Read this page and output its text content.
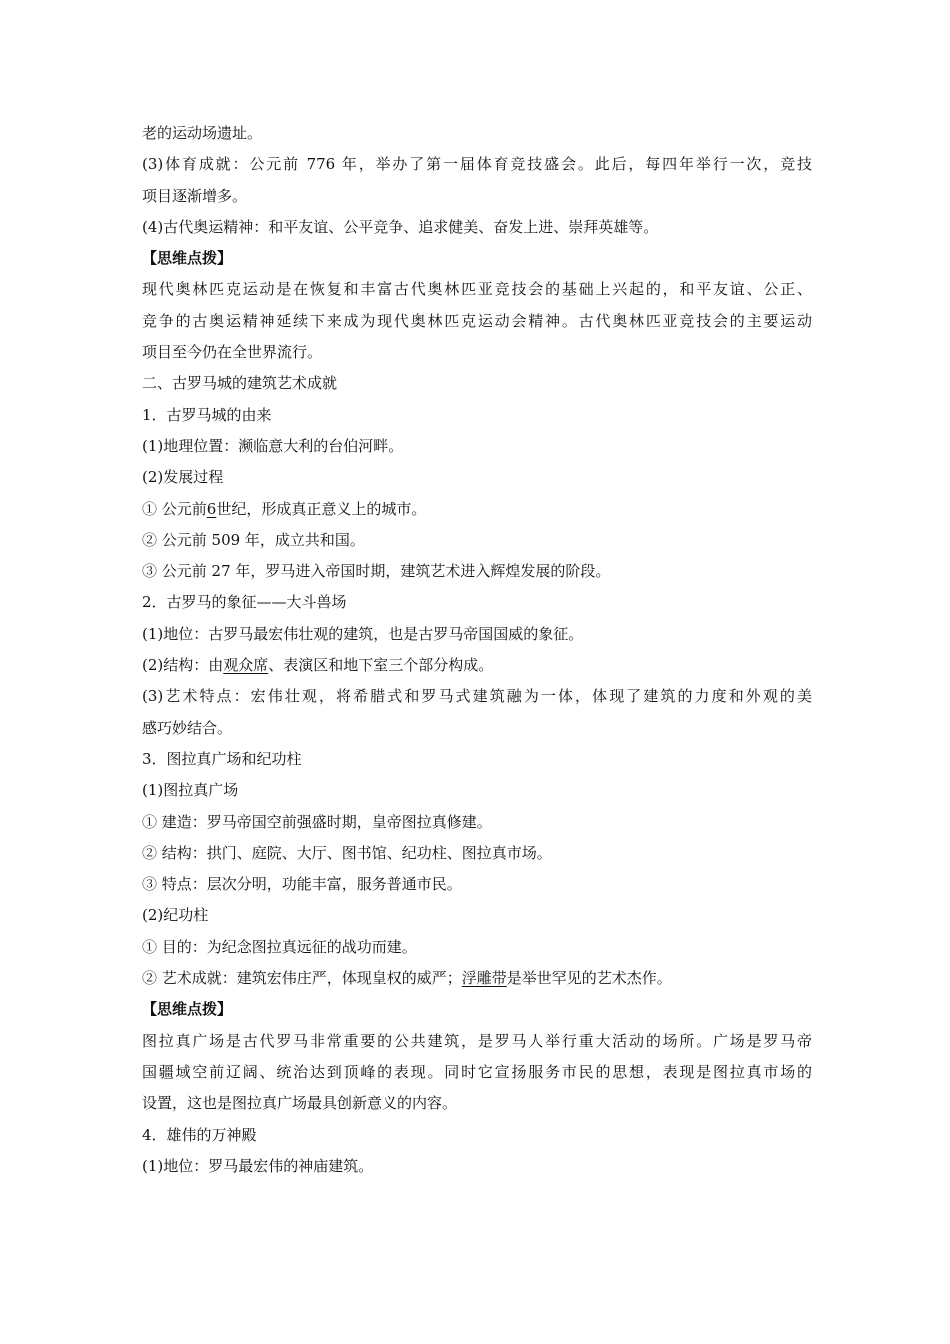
老的运动场遗址。
(3)体育成就：公元前 776 年，举办了第一届体育竞技盛会。此后，每四年举行一次，竞技
项目逐渐增多。
(4)古代奥运精神：和平友谊、公平竞争、追求健美、奋发上进、崇拜英雄等。
【思维点拨】
现代奥林匹克运动是在恢复和丰富古代奥林匹亚竞技会的基础上兴起的，和平友谊、公正、
竞争的古奥运精神延续下来成为现代奥林匹克运动会精神。古代奥林匹亚竞技会的主要运动
项目至今仍在全世界流行。
二、古罗马城的建筑艺术成就
1．古罗马城的由来
(1)地理位置：濒临意大利的台伯河畔。
(2)发展过程
① 公元前6世纪，形成真正意义上的城市。
② 公元前 509 年，成立共和国。
③ 公元前 27 年，罗马进入帝国时期，建筑艺术进入辉煌发展的阶段。
2．古罗马的象征——大斗兽场
(1)地位：古罗马最宏伟壮观的建筑，也是古罗马帝国国威的象征。
(2)结构：由观众席、表演区和地下室三个部分构成。
(3)艺术特点：宏伟壮观，将希腊式和罗马式建筑融为一体，体现了建筑的力度和外观的美
感巧妙结合。
3．图拉真广场和纪功柱
(1)图拉真广场
① 建造：罗马帝国空前强盛时期，皇帝图拉真修建。
② 结构：拱门、庭院、大厅、图书馆、纪功柱、图拉真市场。
③ 特点：层次分明，功能丰富，服务普通市民。
(2)纪功柱
① 目的：为纪念图拉真远征的战功而建。
② 艺术成就：建筑宏伟庄严，体现皇权的威严；浮雕带是举世罕见的艺术杰作。
【思维点拨】
图拉真广场是古代罗马非常重要的公共建筑，是罗马人举行重大活动的场所。广场是罗马帝
国疆域空前辽阔、统治达到顶峰的表现。同时它宣扬服务市民的思想，表现是图拉真市场的
设置，这也是图拉真广场最具创新意义的内容。
4．雄伟的万神殿
(1)地位：罗马最宏伟的神庙建筑。
